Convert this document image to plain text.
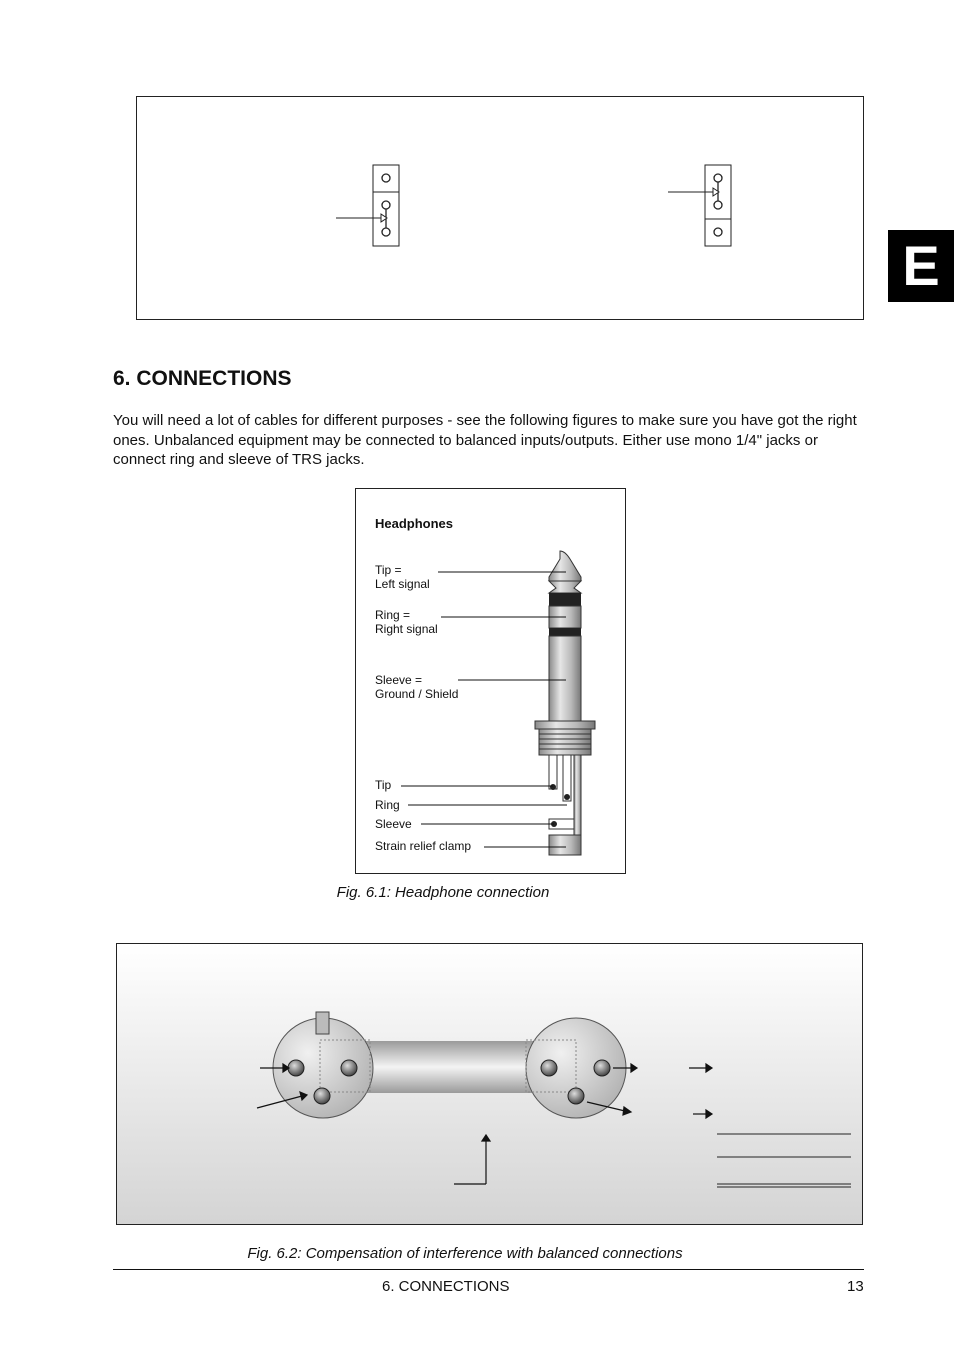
E
6. CONNECTIONS

You will need a lot of cables for different purposes - see the following figures to make sure you have got the right ones. Unbalanced equipment may be connected to balanced inputs/outputs. Either use mono 1/4" jacks or connect ring and sleeve of TRS jacks.

Headphones
Tip =
Left signal
Ring =
Right signal
Sleeve =
Ground / Shield
Tip
Ring
Sleeve
Strain relief clamp
Fig. 6.1: Headphone connection
Fig. 6.2: Compensation of interference with balanced connections
6. CONNECTIONS	13
